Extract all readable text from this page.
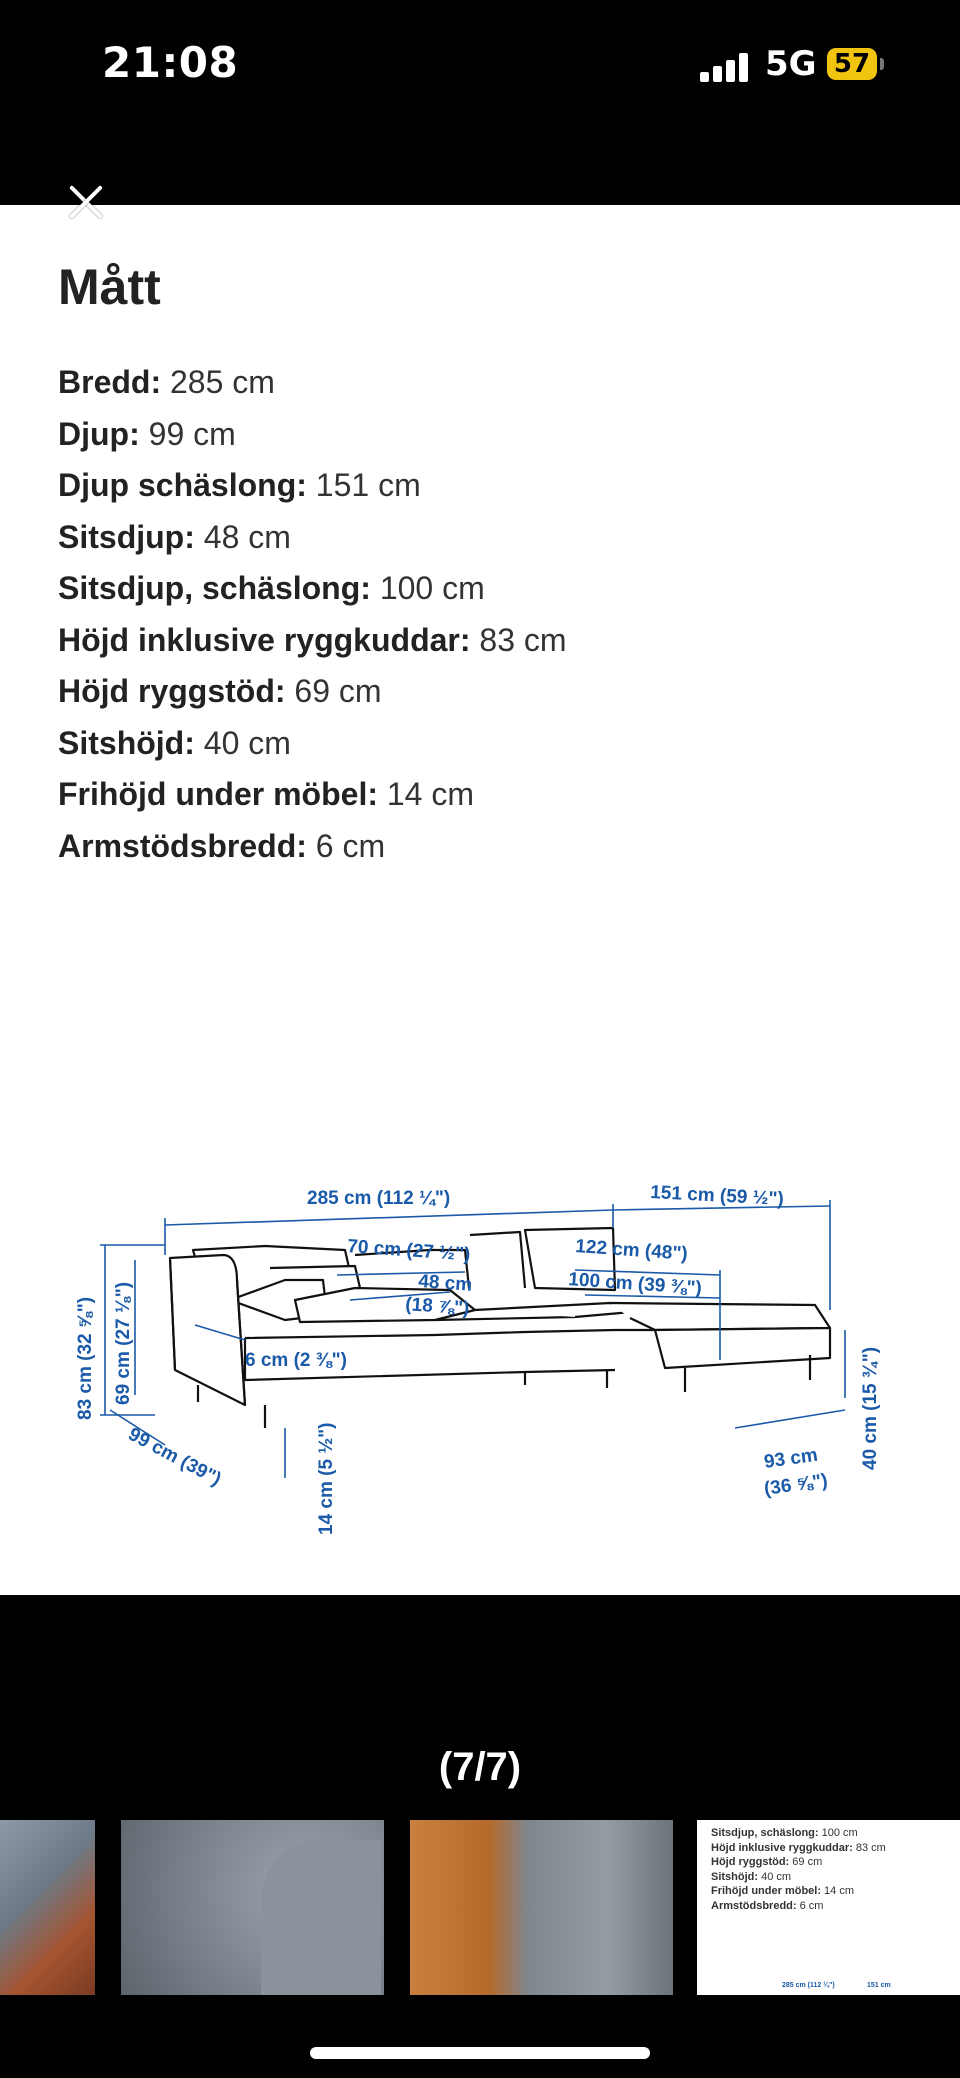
21:08	5G 57
Mått
Bredd: 285 cm
Djup: 99 cm
Djup schäslong: 151 cm
Sitsdjup: 48 cm
Sitsdjup, schäslong: 100 cm
Höjd inklusive ryggkuddar: 83 cm
Höjd ryggstöd: 69 cm
Sitshöjd: 40 cm
Frihöjd under möbel: 14 cm
Armstödsbredd: 6 cm
285 cm (112 ¼")	151 cm (59 ½")
70 cm (27 ½")	122 cm (48")
48 cm
(18 ⅞")
100 cm (39 ⅜")
6 cm (2 ⅜")
83 cm (32 ⅝") 69 cm (27 ⅛")
99 cm (39")	14 cm (5 ½")	93 cm
(36 ⅝")
40 cm (15 ¾")
(7/7)
Sitsdjup, schäslong: 100 cm
Höjd inklusive ryggkuddar: 83 cm
Höjd ryggstöd: 69 cm
Sitshöjd: 40 cm
Frihöjd under möbel: 14 cm
Armstödsbredd: 6 cm
285 cm (112 ¼")	151 cm
